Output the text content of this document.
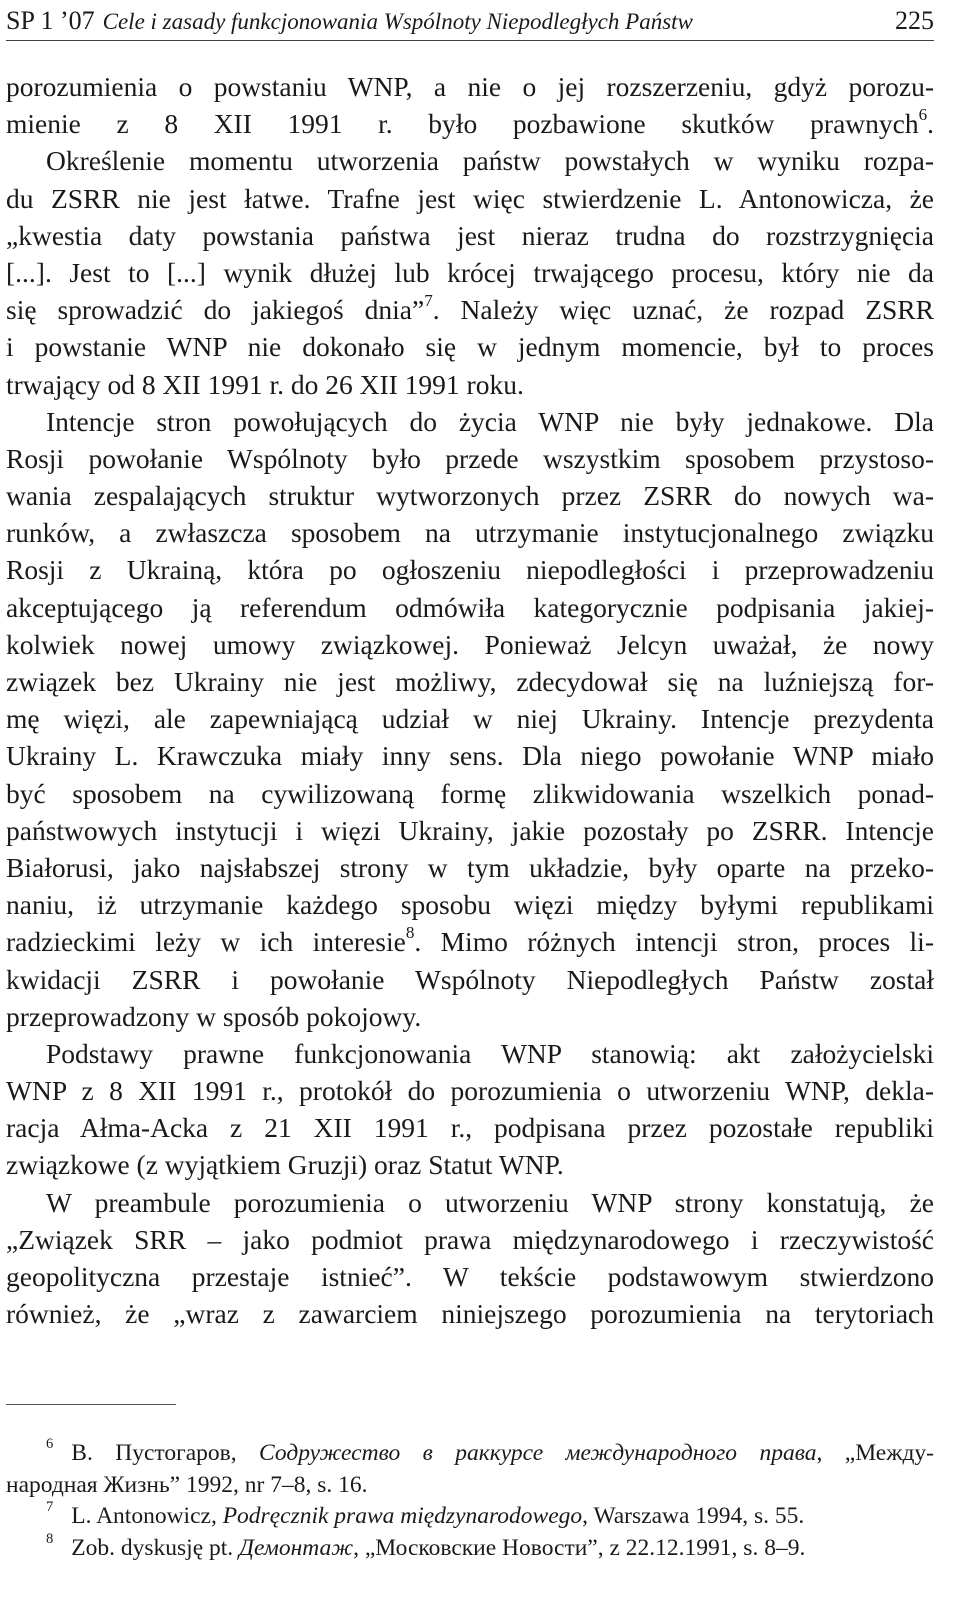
SP 1 ’07 Cele i zasady funkcjonowania Wspólnoty Niepodległych Państw	225
porozumienia o powstaniu WNP, a nie o jej rozszerzeniu, gdyż porozu-
mienie z 8 XII 1991 r. było pozbawione skutków prawnych$^6$.
Określenie momentu utworzenia państw powstałych w wyniku rozpa-
du ZSRR nie jest łatwe. Trafne jest więc stwierdzenie L. Antonowicza, że
„kwestia daty powstania państwa jest nieraz trudna do rozstrzygnięcia
[...]. Jest to [...] wynik dłużej lub krócej trwającego procesu, który nie da
się sprowadzić do jakiegoś dnia”$^7$. Należy więc uznać, że rozpad ZSRR
i powstanie WNP nie dokonało się w jednym momencie, był to proces
trwający od 8 XII 1991 r. do 26 XII 1991 roku.
Intencje stron powołujących do życia WNP nie były jednakowe. Dla
Rosji powołanie Wspólnoty było przede wszystkim sposobem przystoso-
wania zespalających struktur wytworzonych przez ZSRR do nowych wa-
runków, a zwłaszcza sposobem na utrzymanie instytucjonalnego związku
Rosji z Ukrainą, która po ogłoszeniu niepodległości i przeprowadzeniu
akceptującego ją referendum odmówiła kategorycznie podpisania jakiej-
kolwiek nowej umowy związkowej. Ponieważ Jelcyn uważał, że nowy
związek bez Ukrainy nie jest możliwy, zdecydował się na luźniejszą for-
mę więzi, ale zapewniającą udział w niej Ukrainy. Intencje prezydenta
Ukrainy L. Krawczuka miały inny sens. Dla niego powołanie WNP miało
być sposobem na cywilizowaną formę zlikwidowania wszelkich ponad-
państwowych instytucji i więzi Ukrainy, jakie pozostały po ZSRR. Intencje
Białorusi, jako najsłabszej strony w tym układzie, były oparte na przeko-
naniu, iż utrzymanie każdego sposobu więzi między byłymi republikami
radzieckimi leży w ich interesie$^8$. Mimo różnych intencji stron, proces li-
kwidacji ZSRR i powołanie Wspólnoty Niepodległych Państw został
przeprowadzony w sposób pokojowy.
Podstawy prawne funkcjonowania WNP stanowią: akt założycielski
WNP z 8 XII 1991 r., protokół do porozumienia o utworzeniu WNP, dekla-
racja Ałma-Acka z 21 XII 1991 r., podpisana przez pozostałe republiki
związkowe (z wyjątkiem Gruzji) oraz Statut WNP.
W preambule porozumienia o utworzeniu WNP strony konstatują, że
„Związek SRR – jako podmiot prawa międzynarodowego i rzeczywistość
geopolityczna przestaje istnieć”. W tekście podstawowym stwierdzono
również, że „wraz z zawarciem niniejszego porozumienia na terytoriach
$^6$ В. Пустогаров, Содружество в раккурсе международного права, „Между-
народная Жизнь” 1992, nr 7–8, s. 16.
$^7$ L. Antonowicz, Podręcznik prawa międzynarodowego, Warszawa 1994, s. 55.
$^8$ Zob. dyskusję pt. Демонтаж, „Московские Новости”, z 22.12.1991, s. 8–9.
